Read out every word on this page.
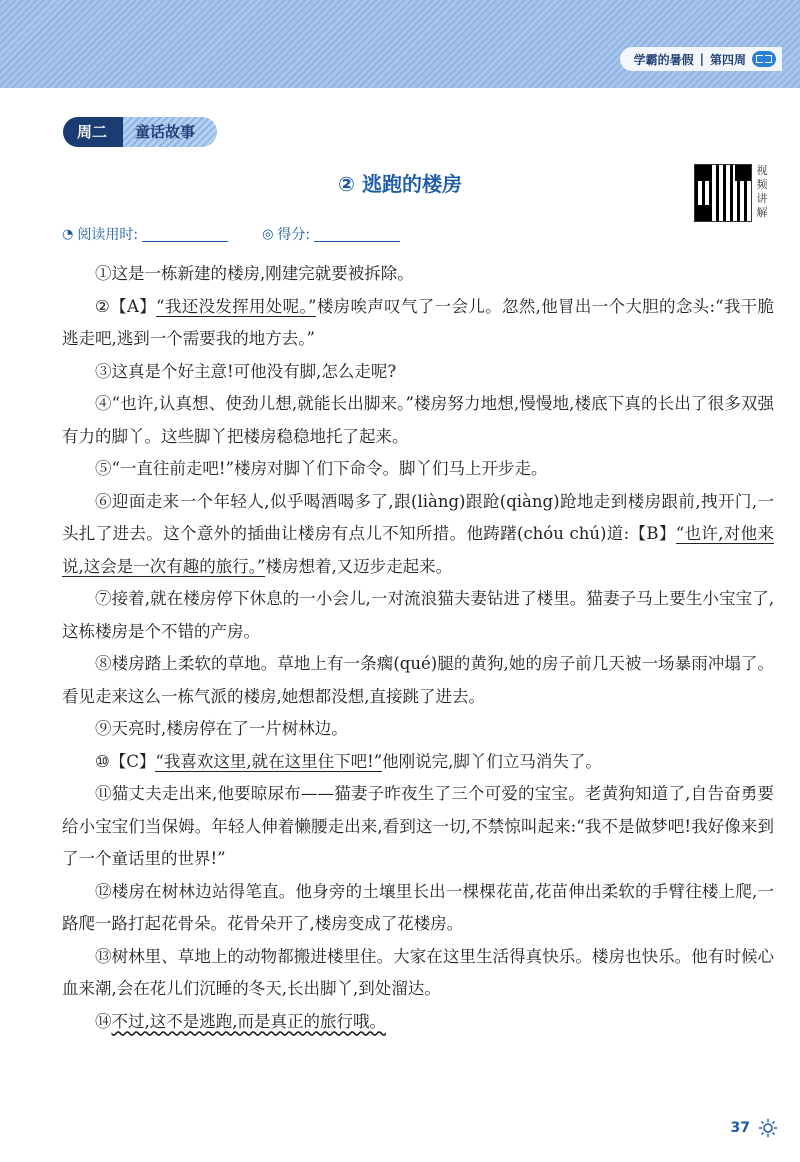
学霸的暑假 | 第四周
周二	童话故事
② 逃跑的楼房
视频讲解
◔ 阅读用时:	◎ 得分:

①这是一栋新建的楼房,刚建完就要被拆除。

②【A】“我还没发挥用处呢。”楼房唉声叹气了一会儿。忽然,他冒出一个大胆的念头:“我干脆逃走吧,逃到一个需要我的地方去。”

③这真是个好主意!可他没有脚,怎么走呢?

④“也许,认真想、使劲儿想,就能长出脚来。”楼房努力地想,慢慢地,楼底下真的长出了很多双强有力的脚丫。这些脚丫把楼房稳稳地托了起来。

⑤“一直往前走吧!”楼房对脚丫们下命令。脚丫们马上开步走。

⑥迎面走来一个年轻人,似乎喝酒喝多了,跟(liàng)跟跄(qiàng)跄地走到楼房跟前,拽开门,一头扎了进去。这个意外的插曲让楼房有点儿不知所措。他踌躇(chóu chú)道:【B】“也许,对他来说,这会是一次有趣的旅行。”楼房想着,又迈步走起来。

⑦接着,就在楼房停下休息的一小会儿,一对流浪猫夫妻钻进了楼里。猫妻子马上要生小宝宝了,这栋楼房是个不错的产房。

⑧楼房踏上柔软的草地。草地上有一条瘸(qué)腿的黄狗,她的房子前几天被一场暴雨冲塌了。看见走来这么一栋气派的楼房,她想都没想,直接跳了进去。

⑨天亮时,楼房停在了一片树林边。

⑩【C】“我喜欢这里,就在这里住下吧!”他刚说完,脚丫们立马消失了。

⑪猫丈夫走出来,他要晾尿布——猫妻子昨夜生了三个可爱的宝宝。老黄狗知道了,自告奋勇要给小宝宝们当保姆。年轻人伸着懒腰走出来,看到这一切,不禁惊叫起来:“我不是做梦吧!我好像来到了一个童话里的世界!”

⑫楼房在树林边站得笔直。他身旁的土壤里长出一棵棵花苗,花苗伸出柔软的手臂往楼上爬,一路爬一路打起花骨朵。花骨朵开了,楼房变成了花楼房。

⑬树林里、草地上的动物都搬进楼里住。大家在这里生活得真快乐。楼房也快乐。他有时候心血来潮,会在花儿们沉睡的冬天,长出脚丫,到处溜达。

⑭不过,这不是逃跑,而是真正的旅行哦。

37
